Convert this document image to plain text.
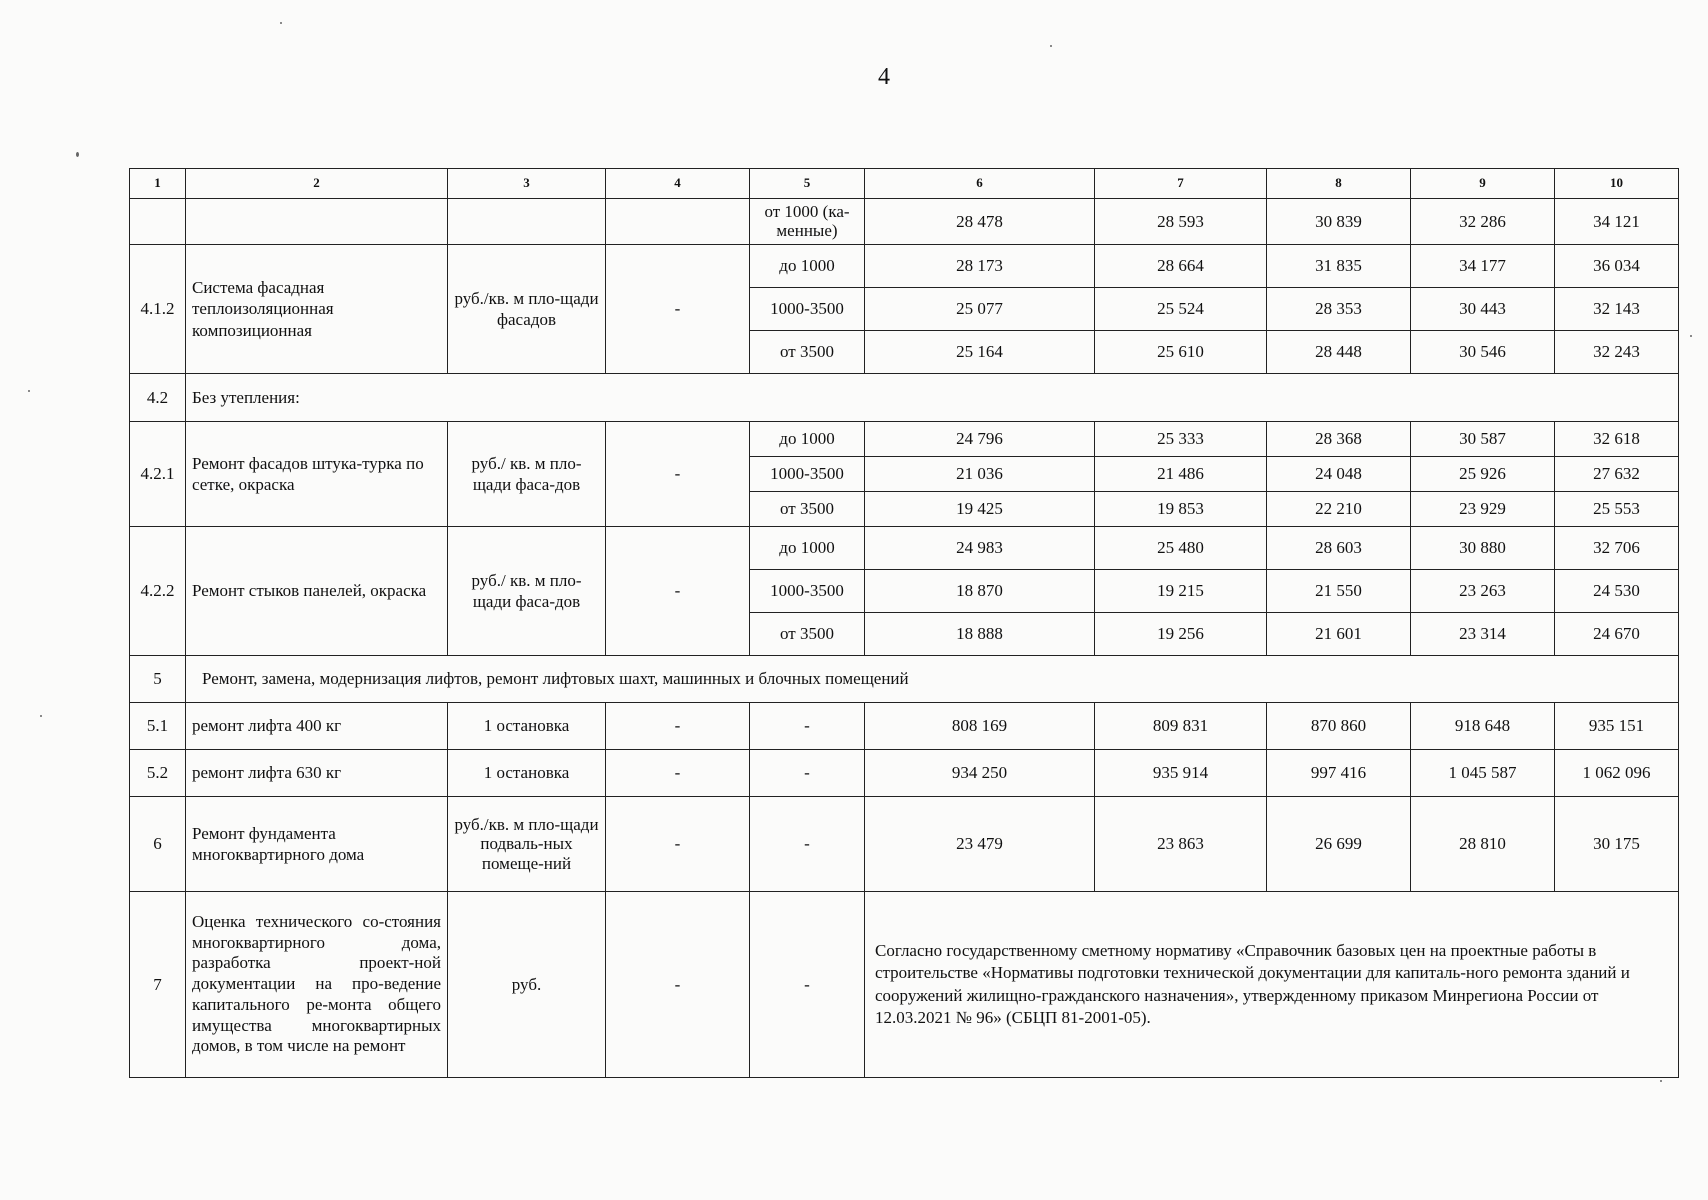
4
1	2	3	4	5	6	7	8	9	10
				от 1000 (ка-менные)	28 478	28 593	30 839	32 286	34 121
4.1.2	Система фасадная теплоизоляционная композиционная	руб./кв. м пло-щади фасадов	-	до 1000	28 173	28 664	31 835	34 177	36 034
				1000-3500	25 077	25 524	28 353	30 443	32 143
				от 3500	25 164	25 610	28 448	30 546	32 243
4.2	Без утепления:								
4.2.1	Ремонт фасадов штука-турка по сетке, окраска	руб./ кв. м пло-щади фаса-дов	-	до 1000	24 796	25 333	28 368	30 587	32 618
				1000-3500	21 036	21 486	24 048	25 926	27 632
				от 3500	19 425	19 853	22 210	23 929	25 553
4.2.2	Ремонт стыков панелей, окраска	руб./ кв. м пло-щади фаса-дов	-	до 1000	24 983	25 480	28 603	30 880	32 706
				1000-3500	18 870	19 215	21 550	23 263	24 530
				от 3500	18 888	19 256	21 601	23 314	24 670
5	Ремонт, замена, модернизация лифтов, ремонт лифтовых шахт, машинных и блочных помещений								
5.1	ремонт лифта 400 кг	1 остановка	-	-	808 169	809 831	870 860	918 648	935 151
5.2	ремонт лифта 630 кг	1 остановка	-	-	934 250	935 914	997 416	1 045 587	1 062 096
6	Ремонт фундамента многоквартирного дома	руб./кв. м пло-щади подваль-ных помеще-ний	-	-	23 479	23 863	26 699	28 810	30 175
7	Оценка технического со-стояния многоквартирного дома, разработка проект-ной документации на про-ведение капитального ре-монта общего имущества многоквартирных домов, в том числе на ремонт	руб.	-	-	Согласно государственному сметному нормативу «Справочник базовых цен на проектные работы в строительстве «Нормативы подготовки технической документации для капиталь-ного ремонта зданий и сооружений жилищно-гражданского назначения», утвержденному приказом Минрегиона России от 12.03.2021 № 96» (СБЦП 81-2001-05).				
